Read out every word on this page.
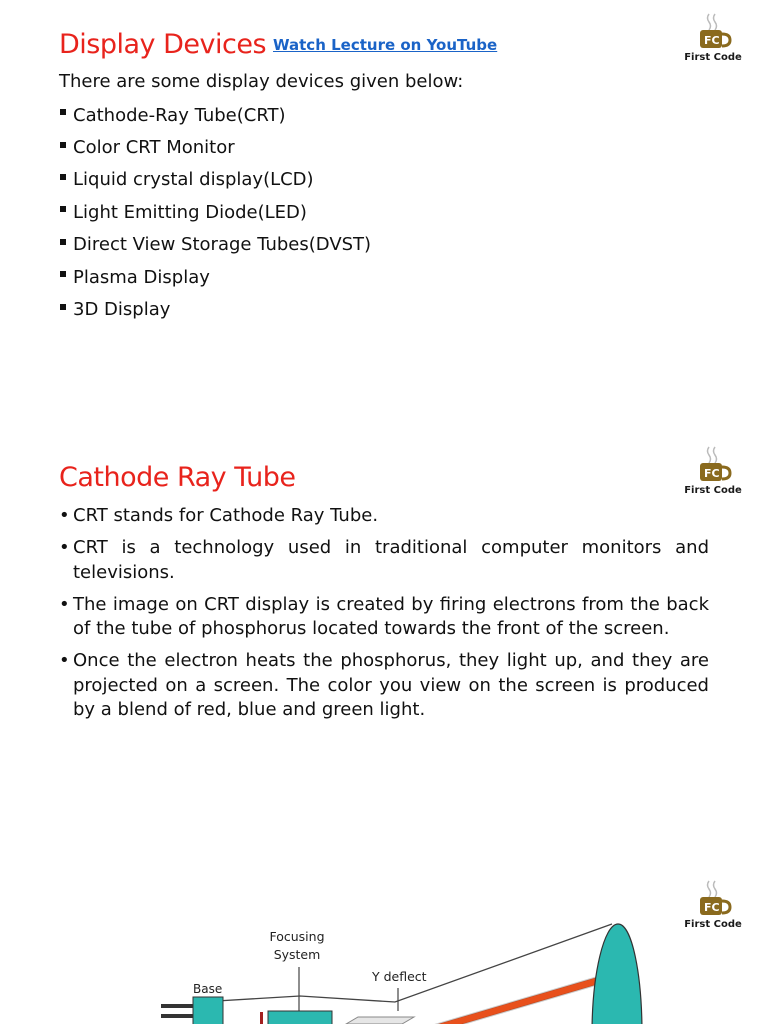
Display Devices Watch Lecture on YouTube	FC
First Code
There are some display devices given below:
Cathode-Ray Tube(CRT)
Color CRT Monitor
Liquid crystal display(LCD)
Light Emitting Diode(LED)
Direct View Storage Tubes(DVST)
Plasma Display
3D Display
Cathode Ray Tube	FC
First Code
• CRT stands for Cathode Ray Tube.
• CRT is a technology used in traditional computer monitors and televisions.
• The image on CRT display is created by firing electrons from the back of the tube of phosphorus located towards the front of the screen.
• Once the electron heats the phosphorus, they light up, and they are projected on a screen. The color you view on the screen is produced by a blend of red, blue and green light.
FC
First Code
Base
Focusing
System
Y deflect
